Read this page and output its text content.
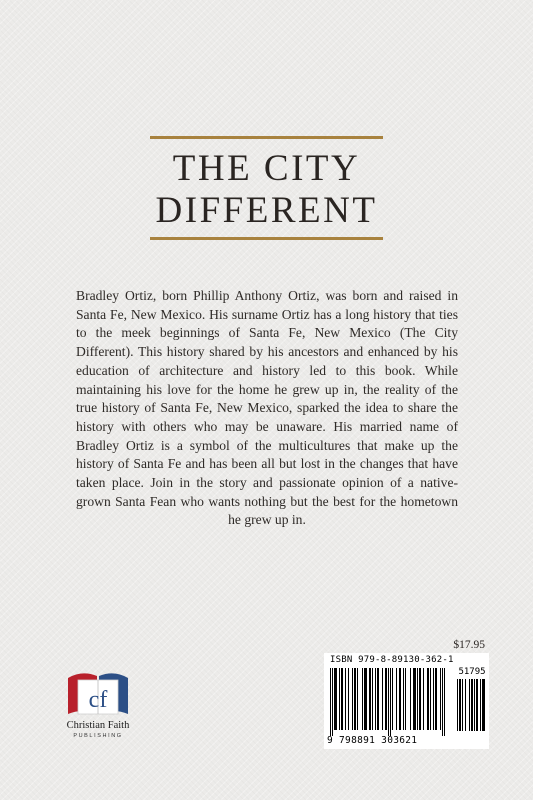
THE CITY
DIFFERENT

Bradley Ortiz, born Phillip Anthony Ortiz, was born and raised in Santa Fe, New Mexico. His surname Ortiz has a long history that ties to the meek beginnings of Santa Fe, New Mexico (The City Different). This history shared by his ancestors and enhanced by his education of architecture and history led to this book. While maintaining his love for the home he grew up in, the reality of the true history of Santa Fe, New Mexico, sparked the idea to share the history with others who may be unaware. His married name of Bradley Ortiz is a symbol of the multicultures that make up the history of Santa Fe and has been all but lost in the changes that have taken place. Join in the story and passionate opinion of a native-grown Santa Fean who wants nothing but the best for the hometown he grew up in.

cf
Christian Faith
PUBLISHING
$17.95
ISBN 979-8-89130-362-1
51795
9 798891 303621
